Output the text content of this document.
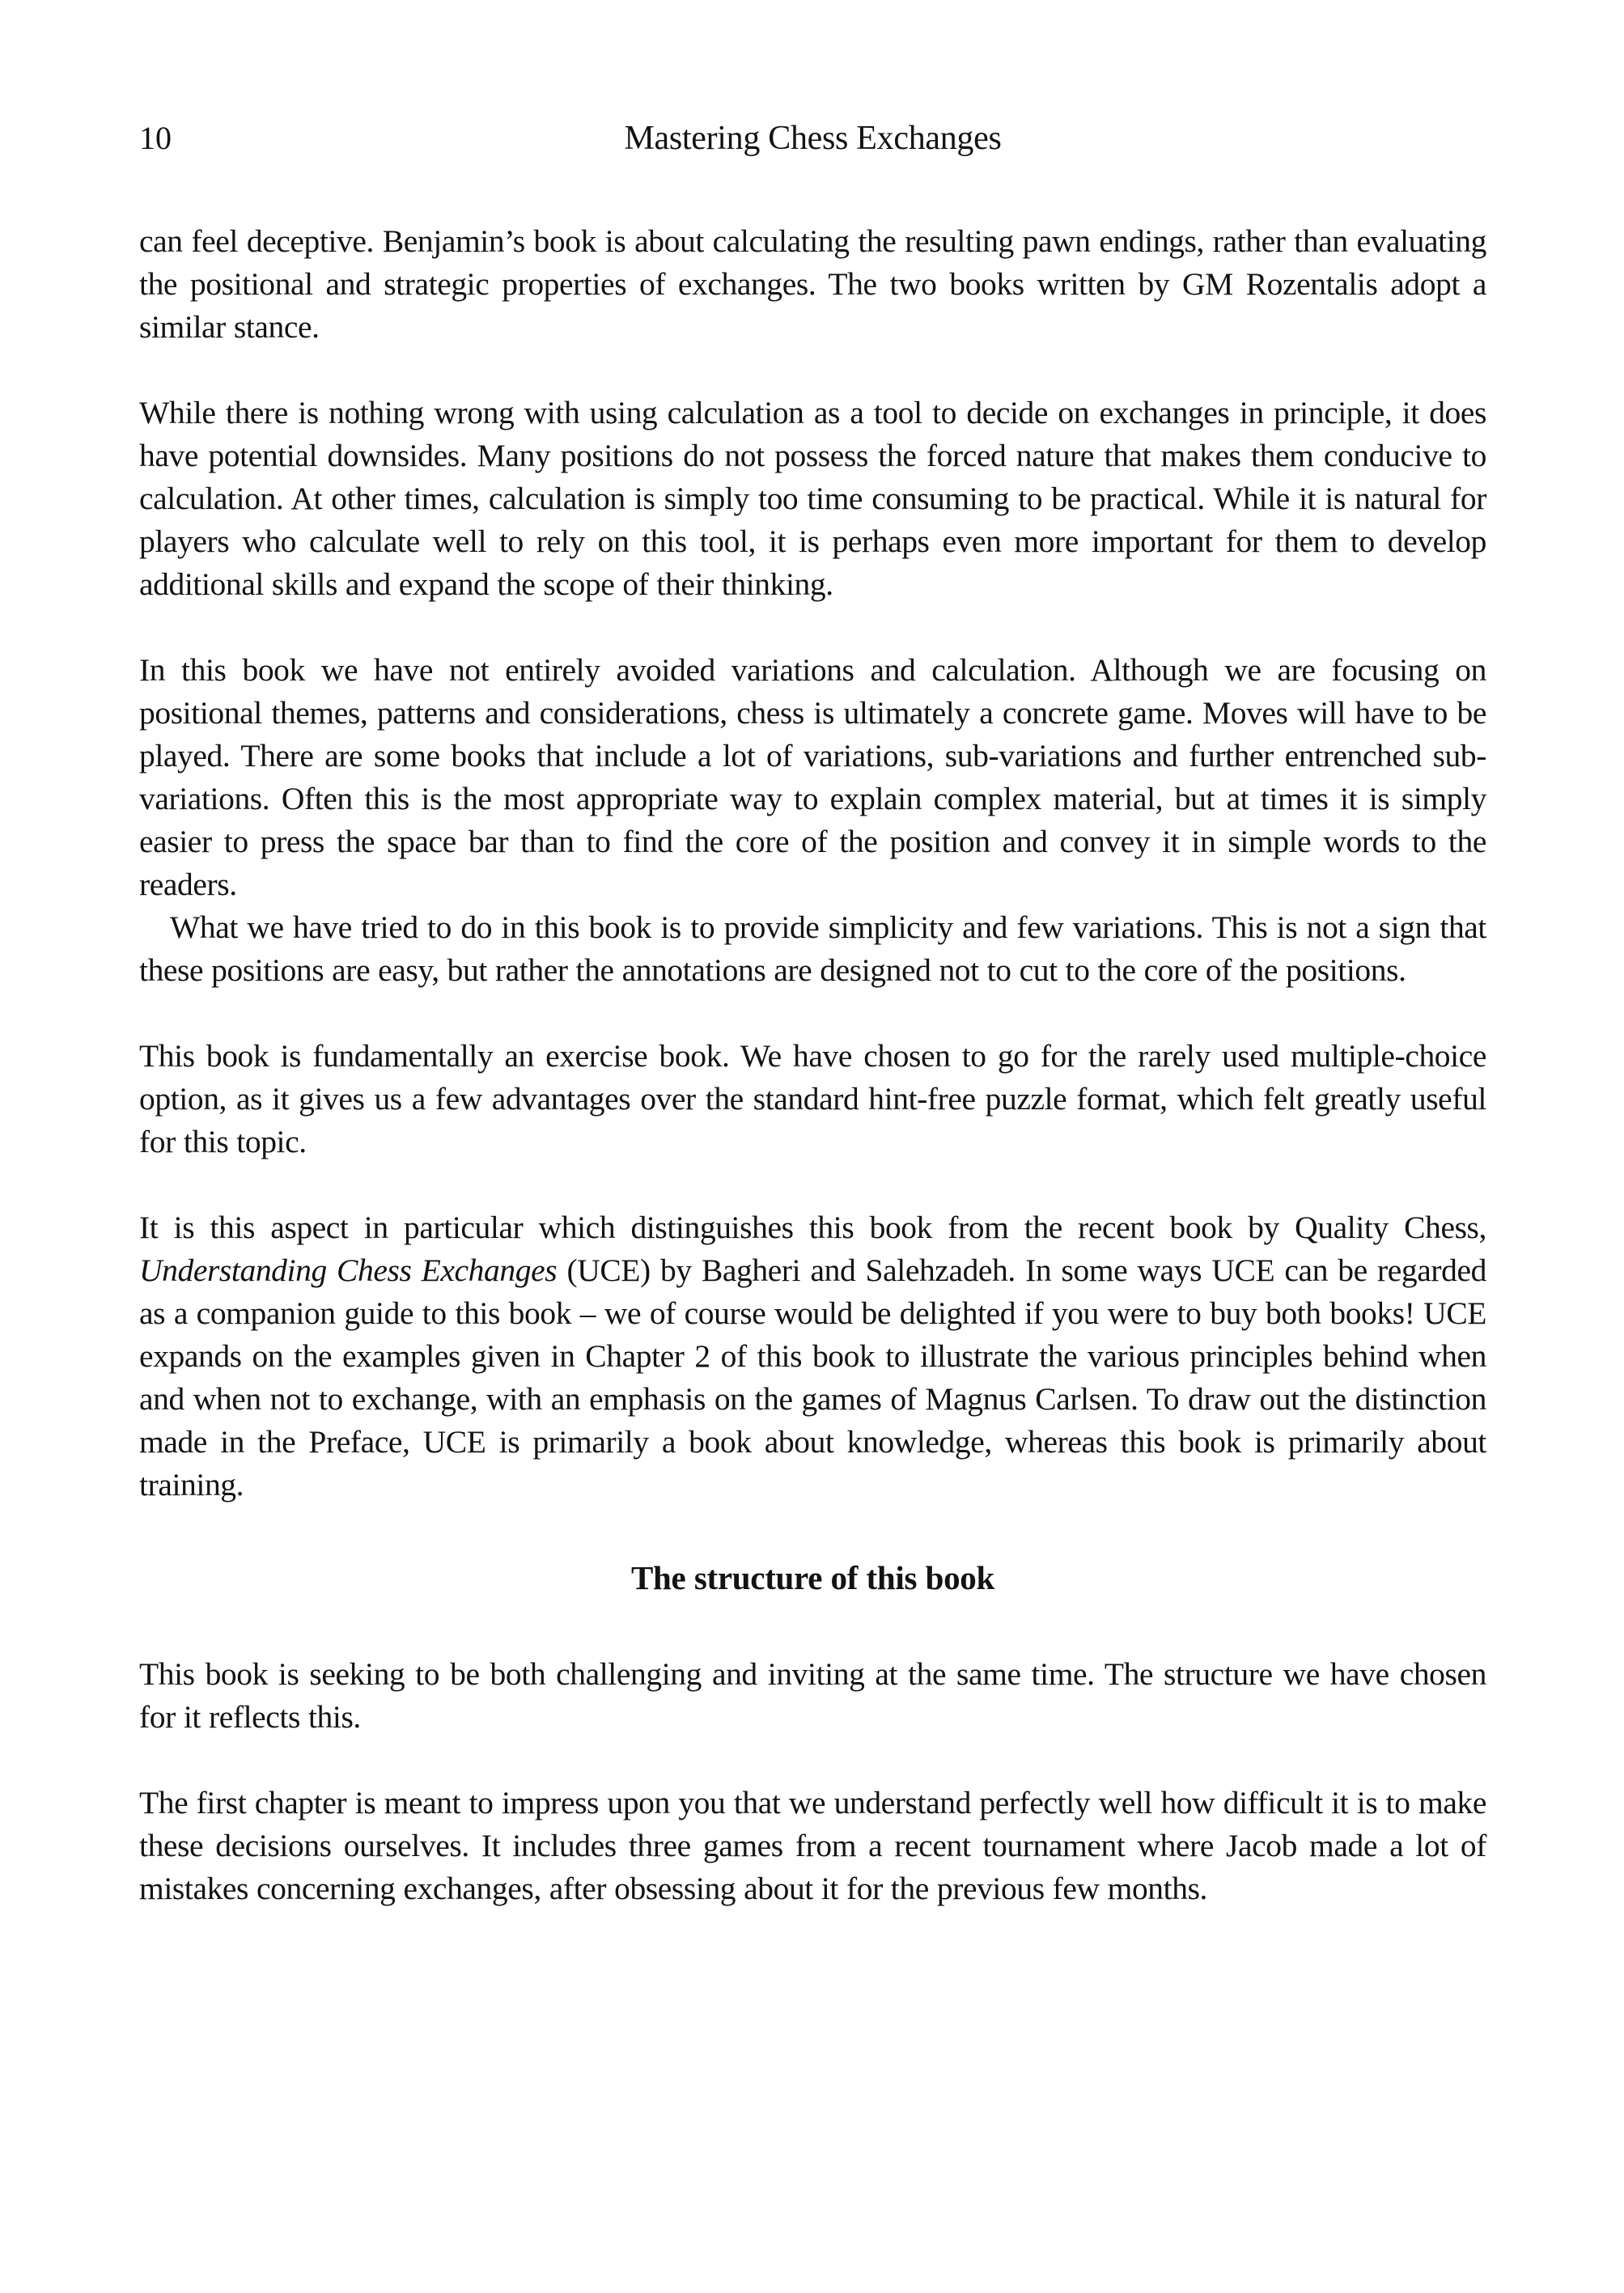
10	Mastering Chess Exchanges

can feel deceptive. Benjamin’s book is about calculating the resulting pawn endings, rather than evaluating the positional and strategic properties of exchanges. The two books written by GM Rozentalis adopt a similar stance.

While there is nothing wrong with using calculation as a tool to decide on exchanges in principle, it does have potential downsides. Many positions do not possess the forced nature that makes them conducive to calculation. At other times, calculation is simply too time consuming to be practical. While it is natural for players who calculate well to rely on this tool, it is perhaps even more important for them to develop additional skills and expand the scope of their thinking.

In this book we have not entirely avoided variations and calculation. Although we are focusing on positional themes, patterns and considerations, chess is ultimately a concrete game. Moves will have to be played. There are some books that include a lot of variations, sub-variations and further entrenched sub-variations. Often this is the most appropriate way to explain complex material, but at times it is simply easier to press the space bar than to find the core of the position and convey it in simple words to the readers.

What we have tried to do in this book is to provide simplicity and few variations. This is not a sign that these positions are easy, but rather the annotations are designed not to cut to the core of the positions.

This book is fundamentally an exercise book. We have chosen to go for the rarely used multiple-choice option, as it gives us a few advantages over the standard hint-free puzzle format, which felt greatly useful for this topic.

It is this aspect in particular which distinguishes this book from the recent book by Quality Chess, Understanding Chess Exchanges (UCE) by Bagheri and Salehzadeh. In some ways UCE can be regarded as a companion guide to this book – we of course would be delighted if you were to buy both books! UCE expands on the examples given in Chapter 2 of this book to illustrate the various principles behind when and when not to exchange, with an emphasis on the games of Magnus Carlsen. To draw out the distinction made in the Preface, UCE is primarily a book about knowledge, whereas this book is primarily about training.

The structure of this book

This book is seeking to be both challenging and inviting at the same time. The structure we have chosen for it reflects this.

The first chapter is meant to impress upon you that we understand perfectly well how difficult it is to make these decisions ourselves. It includes three games from a recent tournament where Jacob made a lot of mistakes concerning exchanges, after obsessing about it for the previous few months.
